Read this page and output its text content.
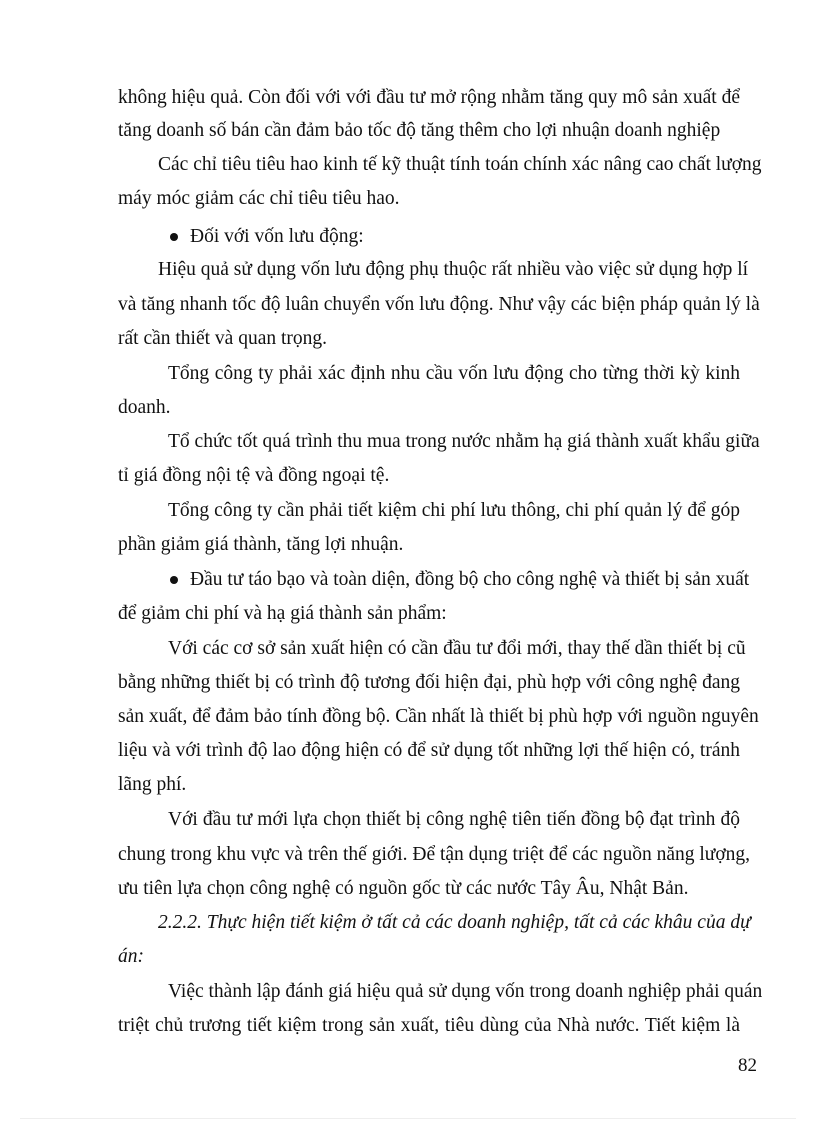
không hiệu quả. Còn đối với với đầu tư mở rộng nhằm tăng quy mô sản xuất để
tăng doanh số bán cần đảm bảo tốc độ tăng thêm cho lợi nhuận doanh nghiệp
Các chỉ tiêu tiêu hao kinh tế kỹ thuật tính toán chính xác nâng cao chất lượng
máy móc giảm các chỉ tiêu tiêu hao.
Đối với vốn lưu động:
Hiệu quả sử dụng vốn lưu động phụ thuộc rất nhiều vào việc sử dụng hợp lí
và tăng nhanh tốc độ luân chuyển vốn lưu động. Như vậy các biện pháp quản lý là
rất cần thiết và quan trọng.
Tổng công ty phải xác định nhu cầu vốn lưu động cho từng thời kỳ kinh
doanh.
Tổ chức tốt quá trình thu mua trong nước nhằm hạ giá thành xuất khẩu giữa
tỉ giá đồng nội tệ và đồng ngoại tệ.
Tổng công ty cần phải tiết kiệm chi phí lưu thông, chi phí quản lý để góp
phần giảm giá thành, tăng lợi nhuận.
Đầu tư táo bạo và toàn diện, đồng bộ cho công nghệ và thiết bị sản xuất
để giảm chi phí và hạ giá thành sản phẩm:
Với các cơ sở sản xuất hiện có cần đầu tư đổi mới, thay thế dần thiết bị cũ
bằng những thiết bị có trình độ tương đối hiện đại, phù hợp với công nghệ đang
sản xuất, để đảm bảo tính đồng bộ. Cần nhất là thiết bị phù hợp với nguồn nguyên
liệu và với trình độ lao động hiện có để sử dụng tốt những lợi thế hiện có, tránh
lãng phí.
Với đầu tư mới lựa chọn thiết bị công nghệ tiên tiến đồng bộ đạt trình độ
chung trong khu vực và trên thế giới. Để tận dụng triệt để các nguồn năng lượng,
ưu tiên lựa chọn công nghệ có nguồn gốc từ các nước Tây Âu, Nhật Bản.
2.2.2. Thực hiện tiết kiệm ở tất cả các doanh nghiệp, tất cả các khâu của dự
án:
Việc thành lập đánh giá hiệu quả sử dụng vốn trong doanh nghiệp phải quán
triệt chủ trương tiết kiệm trong sản xuất, tiêu dùng của Nhà nước. Tiết kiệm là
82
